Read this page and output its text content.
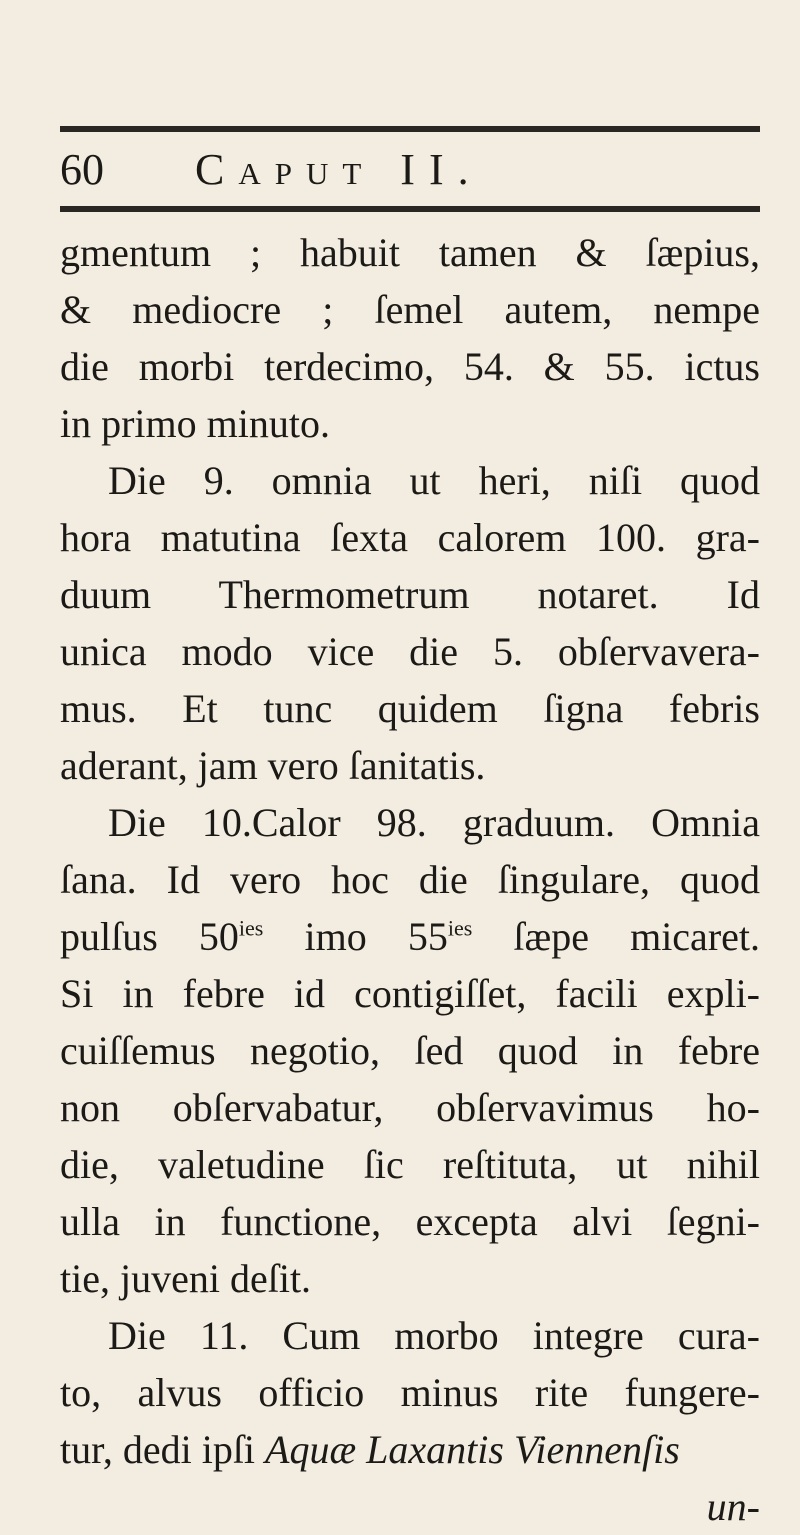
60 Caput II.
gmentum ; habuit tamen & ſæpius,
& mediocre ; ſemel autem, nempe
die morbi terdecimo, 54. & 55. ictus
in primo minuto.
Die 9. omnia ut heri, niſi quod
hora matutina ſexta calorem 100. gra-
duum Thermometrum notaret. Id
unica modo vice die 5. obſervavera-
mus. Et tunc quidem ſigna febris
aderant, jam vero ſanitatis.
Die 10.Calor 98. graduum. Omnia
ſana. Id vero hoc die ſingulare, quod
pulſus $50^{ies}$ imo $55^{ies}$ ſæpe micaret.
Si in febre id contigiſſet, facili expli-
cuiſſemus negotio, ſed quod in febre
non obſervabatur, obſervavimus ho-
die, valetudine ſic reſtituta, ut nihil
ulla in functione, excepta alvi ſegni-
tie, juveni deſit.
Die 11. Cum morbo integre cura-
to, alvus officio minus rite fungere-
tur, dedi ipſi Aquæ Laxantis Viennenſis
un-
